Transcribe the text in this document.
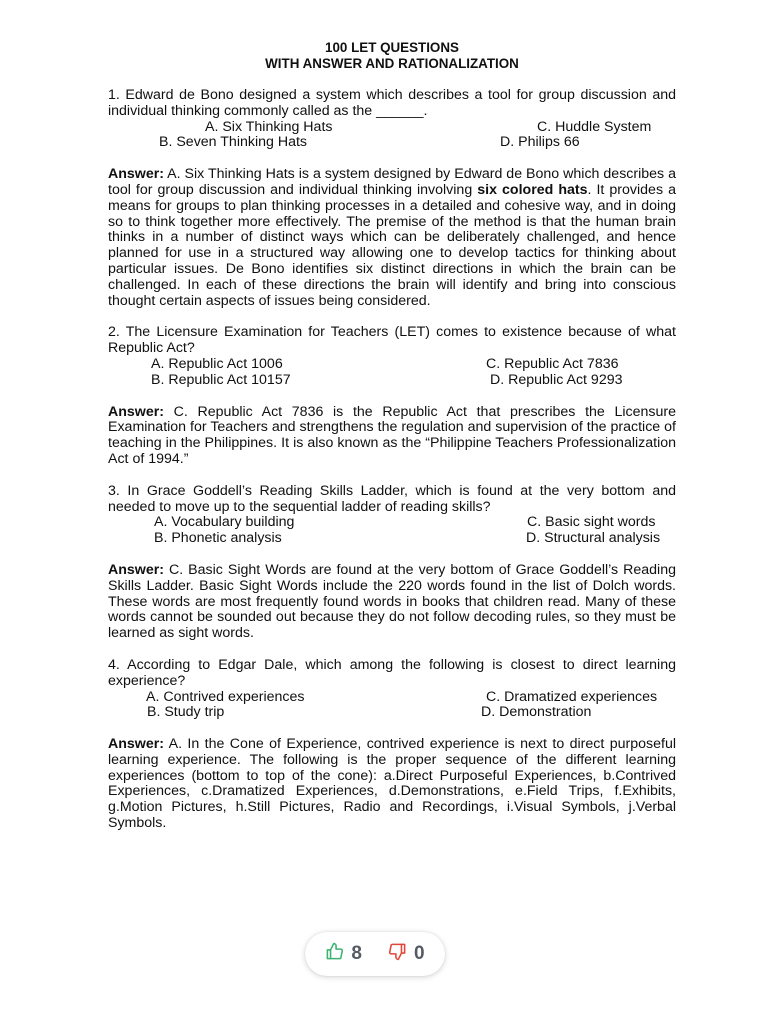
100 LET QUESTIONS
WITH ANSWER AND RATIONALIZATION
1. Edward de Bono designed a system which describes a tool for group discussion and individual thinking commonly called as the ______.
A. Six Thinking Hats
B. Seven Thinking Hats
C. Huddle System
D. Philips 66
Answer: A. Six Thinking Hats is a system designed by Edward de Bono which describes a tool for group discussion and individual thinking involving six colored hats. It provides a means for groups to plan thinking processes in a detailed and cohesive way, and in doing so to think together more effectively. The premise of the method is that the human brain thinks in a number of distinct ways which can be deliberately challenged, and hence planned for use in a structured way allowing one to develop tactics for thinking about particular issues. De Bono identifies six distinct directions in which the brain can be challenged. In each of these directions the brain will identify and bring into conscious thought certain aspects of issues being considered.
2. The Licensure Examination for Teachers (LET) comes to existence because of what Republic Act?
A. Republic Act 1006
B. Republic Act 10157
C. Republic Act 7836
D. Republic Act 9293
Answer: C. Republic Act 7836 is the Republic Act that prescribes the Licensure Examination for Teachers and strengthens the regulation and supervision of the practice of teaching in the Philippines. It is also known as the “Philippine Teachers Professionalization Act of 1994.”
3. In Grace Goddell’s Reading Skills Ladder, which is found at the very bottom and needed to move up to the sequential ladder of reading skills?
A. Vocabulary building
B. Phonetic analysis
C. Basic sight words
D. Structural analysis
Answer: C. Basic Sight Words are found at the very bottom of Grace Goddell’s Reading Skills Ladder. Basic Sight Words include the 220 words found in the list of Dolch words. These words are most frequently found words in books that children read. Many of these words cannot be sounded out because they do not follow decoding rules, so they must be learned as sight words.
4. According to Edgar Dale, which among the following is closest to direct learning experience?
A. Contrived experiences
B. Study trip
C. Dramatized experiences
D. Demonstration
Answer: A. In the Cone of Experience, contrived experience is next to direct purposeful learning experience. The following is the proper sequence of the different learning experiences (bottom to top of the cone): a.Direct Purposeful Experiences, b.Contrived Experiences, c.Dramatized Experiences, d.Demonstrations, e.Field Trips, f.Exhibits, g.Motion Pictures, h.Still Pictures, Radio and Recordings, i.Visual Symbols, j.Verbal Symbols.
8	0
